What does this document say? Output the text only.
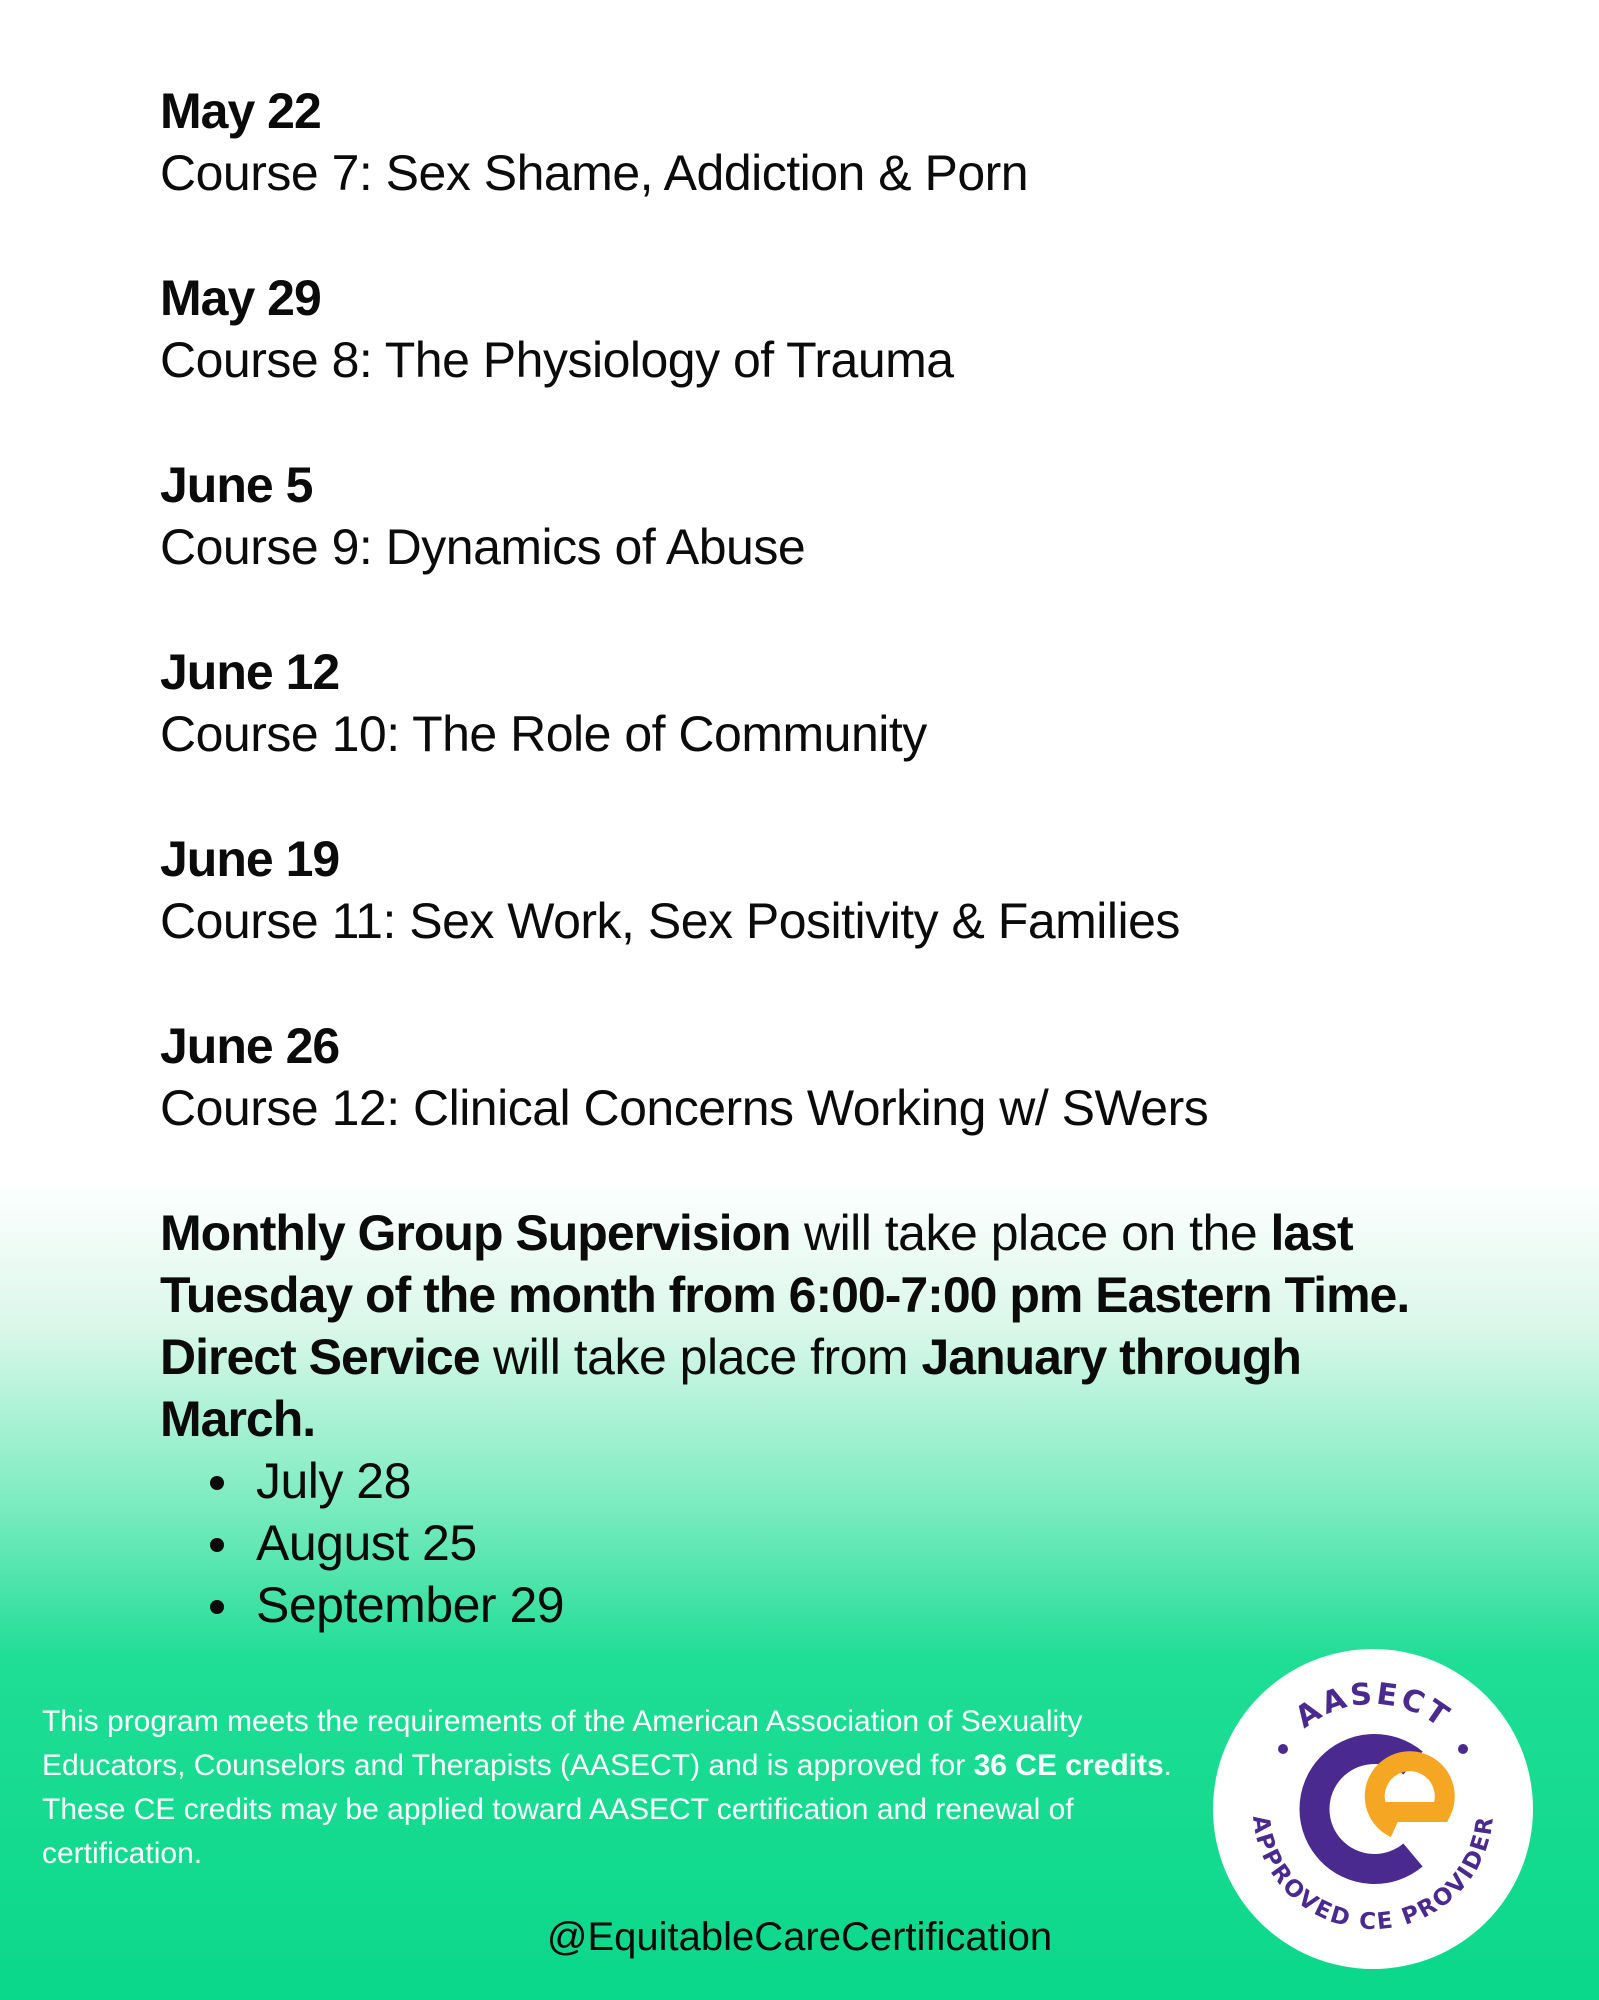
May 22
Course 7: Sex Shame, Addiction & Porn
May 29
Course 8: The Physiology of Trauma
June 5
Course 9: Dynamics of Abuse
June 12
Course 10: The Role of Community
June 19
Course 11: Sex Work, Sex Positivity & Families
June 26
Course 12: Clinical Concerns Working w/ SWers
Monthly Group Supervision will take place on the last Tuesday of the month from 6:00-7:00 pm Eastern Time. Direct Service will take place from January through March.
July 28
August 25
September 29
This program meets the requirements of the American Association of Sexuality Educators, Counselors and Therapists (AASECT) and is approved for 36 CE credits. These CE credits may be applied toward AASECT certification and renewal of certification.
@EquitableCareCertification
AASECT
APPROVED CE PROVIDER
